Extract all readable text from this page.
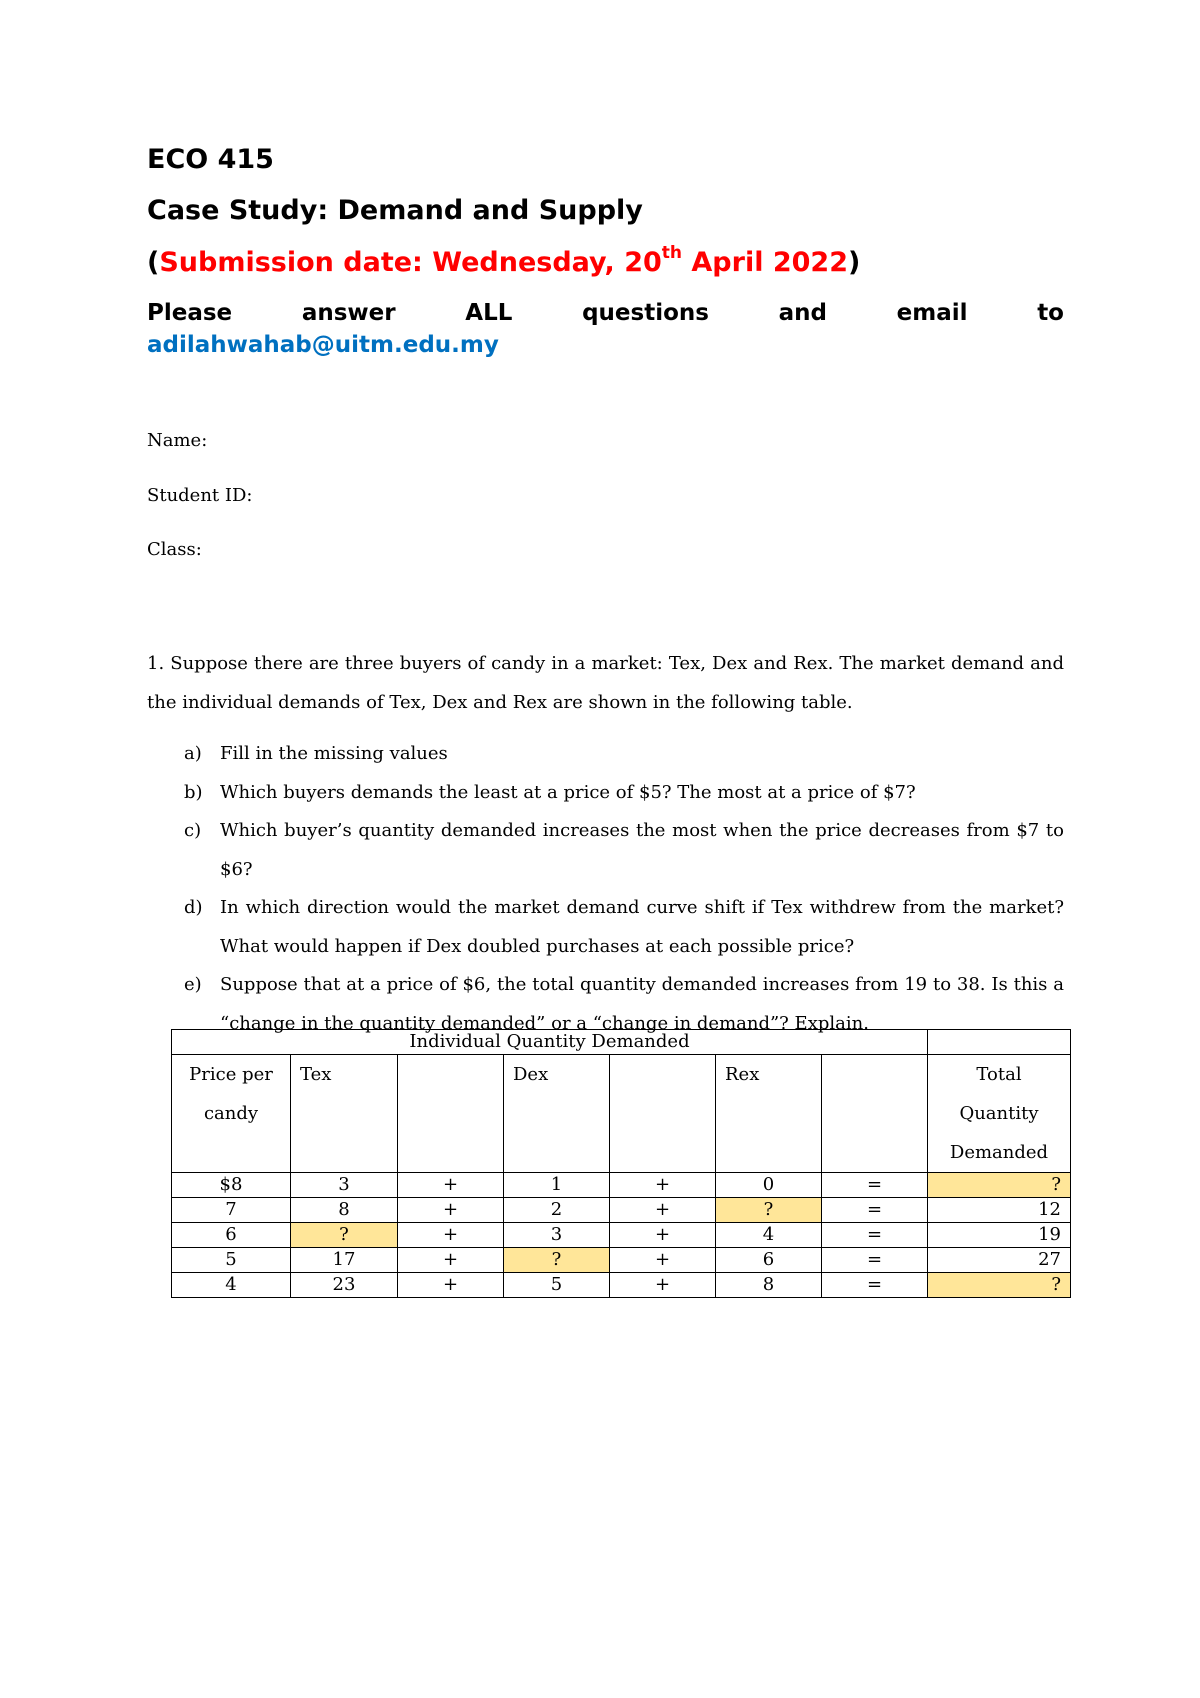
ECO 415
Case Study: Demand and Supply
(Submission date: Wednesday, 20th April 2022)
Please	answer	ALL	questions	and	email	to
adilahwahab@uitm.edu.my
Name:
Student ID:
Class:

1. Suppose there are three buyers of candy in a market: Tex, Dex and Rex. The market demand and the individual demands of Tex, Dex and Rex are shown in the following table.

a) Fill in the missing values
b) Which buyers demands the least at a price of $5? The most at a price of $7?
c) Which buyer’s quantity demanded increases the most when the price decreases from $7 to $6?
d) In which direction would the market demand curve shift if Tex withdrew from the market? What would happen if Dex doubled purchases at each possible price?
e) Suppose that at a price of $6, the total quantity demanded increases from 19 to 38. Is this a “change in the quantity demanded” or a “change in demand”? Explain.
Individual Quantity Demanded							
Price per candy	Tex		Dex		Rex		Total Quantity Demanded
$8	3	+	1	+	0	=	?
7	8	+	2	+	?	=	12
6	?	+	3	+	4	=	19
5	17	+	?	+	6	=	27
4	23	+	5	+	8	=	?
